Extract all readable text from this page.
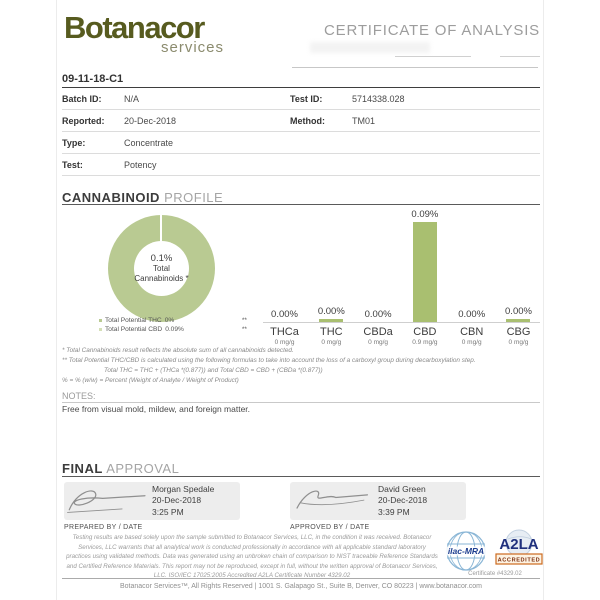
Botanacor
services
CERTIFICATE OF ANALYSIS
09-11-18-C1
Batch ID:	N/A	Test ID:	5714338.028
Reported:	20-Dec-2018	Method:	TM01
Type:	Concentrate
Test:	Potency
CANNABINOID PROFILE
0.1%
Total
Cannabinoids *
Total Potential THC 0%	**
Total Potential CBD 0.09%	**
0.00%
THCa
0 mg/g
0.00%
THC
0 mg/g
0.00%
CBDa
0 mg/g
0.09%
CBD
0.9 mg/g
0.00%
CBN
0 mg/g
0.00%
CBG
0 mg/g
* Total Cannabinoids result reflects the absolute sum of all cannabinoids detected.
** Total Potential THC/CBD is calculated using the following formulas to take into account the loss of a carboxyl group during decarboxylation step.
Total THC = THC + (THCa *(0.877)) and Total CBD = CBD + (CBDa *(0.877))
% = % (w/w) = Percent (Weight of Analyte / Weight of Product)
NOTES:
Free from visual mold, mildew, and foreign matter.
FINAL APPROVAL
Morgan Spedale
20-Dec-2018
3:25 PM
PREPARED BY / DATE
David Green
20-Dec-2018
3:39 PM
APPROVED BY / DATE
Testing results are based solely upon the sample submitted to Botanacor Services, LLC, in the condition it was received. Botanacor Services, LLC warrants that all analytical work is conducted professionally in accordance with all applicable standard laboratory practices using validated methods. Data was generated using an unbroken chain of comparison to NIST traceable Reference Standards and Certified Reference Materials. This report may not be reproduced, except in full, without the written approval of Botanacor Services, LLC. ISO/IEC 17025:2005 Accredited A2LA Certificate Number 4329.02
ilac-MRA A2LA
ACCREDITED
Certificate #4329.02
Botanacor Services™, All Rights Reserved | 1001 S. Galapago St., Suite B, Denver, CO 80223 | www.botanacor.com
